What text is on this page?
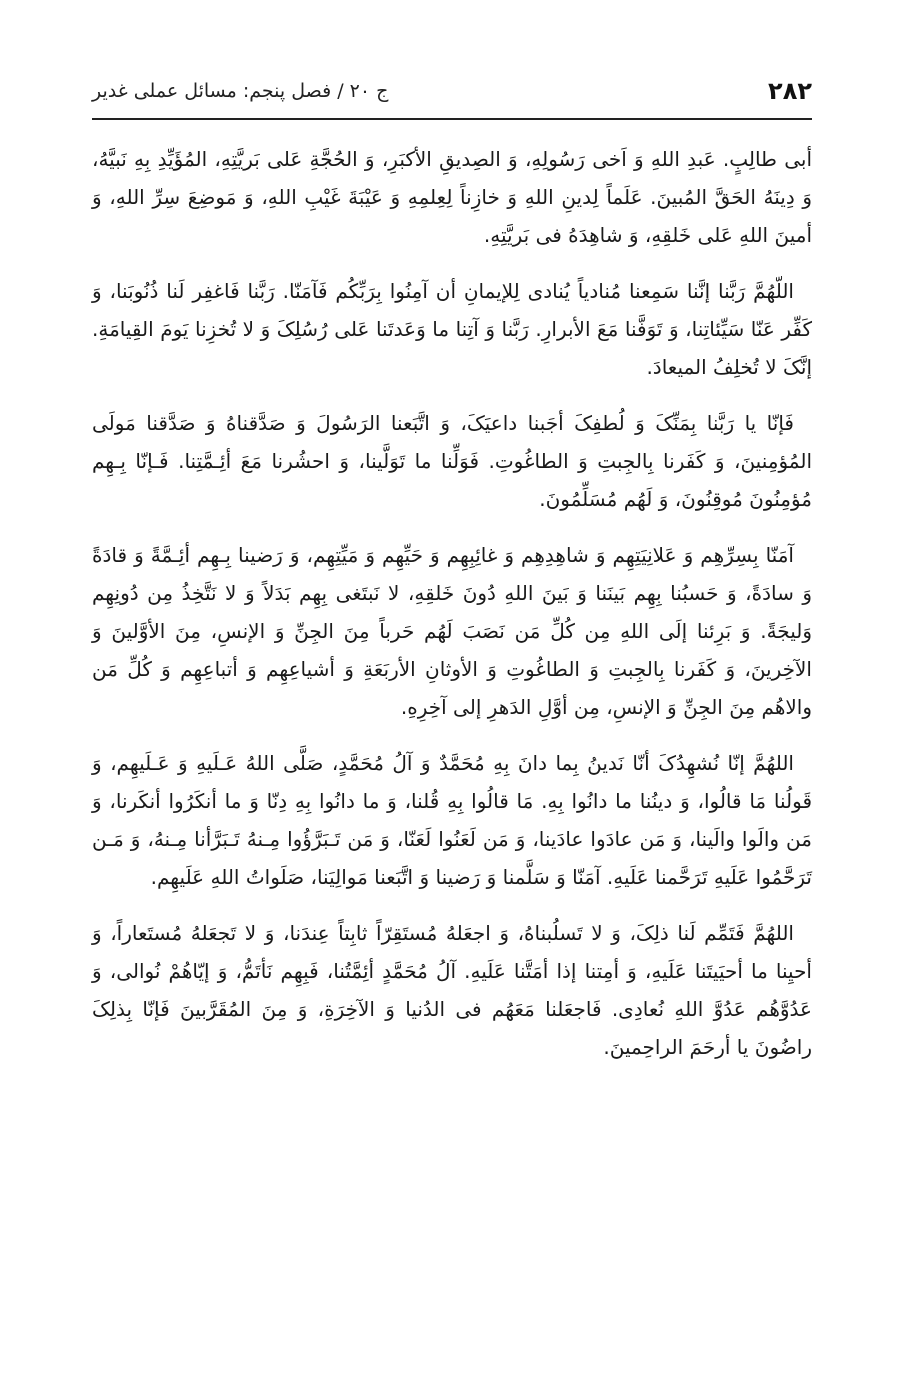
۲۸۲
ج ۲۰ / فصل پنجم: مسائل عملی غدیر

أبی طالِبٍ. عَبدِ اللهِ وَ اَخی رَسُولِهِ، وَ الصِدیقِ الأکبَرِ، وَ الحُجَّةِ عَلی بَریَّتِهِ، المُؤَیِّدِ بِهِ نَبیَّهُ، وَ دِینَهُ الحَقَّ المُبینَ. عَلَماً لِدینِ اللهِ وَ خازِناً لِعِلمِهِ وَ عَیْبَةَ غَیْبِ اللهِ، وَ مَوضِعَ سِرِّ اللهِ، وَ أمینَ اللهِ عَلی خَلقِهِ، وَ شاهِدَهُ فی بَریَّتِهِ.

اللّهُمَّ رَبَّنا إنَّنا سَمِعنا مُنادیاً یُنادی لِلإیمانِ أن آمِنُوا بِرَبِّکُم فَآمَنّا. رَبَّنا فَاغفِر لَنا ذُنُوبَنا، وَ کَفِّر عَنّا سَیِّئاتِنا، وَ تَوَفَّنا مَعَ الأبرارِ. رَبَّنا وَ آتِنا ما وَعَدتَنا عَلی رُسُلِکَ وَ لا تُخزِنا یَومَ القِیامَةِ. إنَّکَ لا تُخلِفُ المیعادَ.

فَإنّا یا رَبَّنا بِمَنِّکَ وَ لُطفِکَ أجَبنا داعیَکَ، وَ اتَّبَعنا الرَسُولَ وَ صَدَّقناهُ وَ صَدَّقنا مَولَی المُؤمِنینَ، وَ کَفَرنا بِالجِبتِ وَ الطاغُوتِ. فَوَلِّنا ما تَوَلَّینا، وَ احشُرنا مَعَ أئِـمَّتِنا. فَـإنّا بِـهِم مُؤمِنُونَ مُوقِنُونَ، وَ لَهُم مُسَلِّمُونَ.

آمَنّا بِسِرِّهِم وَ عَلانِیَتِهِم وَ شاهِدِهِم وَ غائِبِهِم وَ حَیِّهِم وَ مَیِّتِهِم، وَ رَضینا بِـهِم أئِـمَّةً وَ قادَةً وَ سادَةً، وَ حَسبُنا بِهِم بَینَنا وَ بَینَ اللهِ دُونَ خَلقِهِ، لا نَبتَغی بِهِم بَدَلاً وَ لا نَتَّخِذُ مِن دُونِهِم وَلیجَةً. وَ بَرِئنا إلَی اللهِ مِن کُلِّ مَن نَصَبَ لَهُم حَرباً مِنَ الجِنِّ وَ الإنسِ، مِنَ الأوَّلینَ وَ الآخِرینَ، وَ کَفَرنا بِالجِبتِ وَ الطاغُوتِ وَ الأوثانِ الأربَعَةِ وَ أشیاعِهِم وَ أتباعِهِم وَ کُلِّ مَن والاهُم مِنَ الجِنِّ وَ الإنسِ، مِن أوَّلِ الدَهرِ إلی آخِرِهِ.

اللهُمَّ إنّا نُشهِدُکَ أنّا نَدینُ بِما دانَ بِهِ مُحَمَّدٌ وَ آلُ مُحَمَّدٍ، صَلَّی اللهُ عَـلَیهِ وَ عَـلَیهِم، وَ قَولُنا مَا قالُوا، وَ دینُنا ما دانُوا بِهِ. مَا قالُوا بِهِ قُلنا، وَ ما دانُوا بِهِ دِنّا وَ ما أنکَرُوا أنکَرنا، وَ مَن والَوا والَینا، وَ مَن عادَوا عادَینا، وَ مَن لَعَنُوا لَعَنّا، وَ مَن تَـبَرَّؤُوا مِـنهُ تَـبَرَّأنا مِـنهُ، وَ مَـن تَرَحَّمُوا عَلَیهِ تَرَحَّمنا عَلَیهِ. آمَنّا وَ سَلَّمنا وَ رَضینا وَ اتَّبَعنا مَوالِیَنا، صَلَواتُ اللهِ عَلَیهِم.

اللهُمَّ فَتَمِّم لَنا ذلِکَ، وَ لا تَسلُبناهُ، وَ اجعَلهُ مُستَقِرّاً ثابِتاً عِندَنا، وَ لا تَجعَلهُ مُستَعاراً، وَ أحیِنا ما أحیَیتَنا عَلَیهِ، وَ أمِتنا إذا أمَتَّنا عَلَیهِ. آلُ مُحَمَّدٍ أئِمَّتُنا، فَبِهِم نَأتَمُّ، وَ إیّاهُمْ نُوالی، وَ عَدُوَّهُم عَدُوَّ اللهِ نُعادِی. فَاجعَلنا مَعَهُم فی الدُنیا وَ الآخِرَةِ، وَ مِنَ المُقَرَّبینَ فَإنّا بِذلِکَ راضُونَ یا أرحَمَ الراحِمینَ.
